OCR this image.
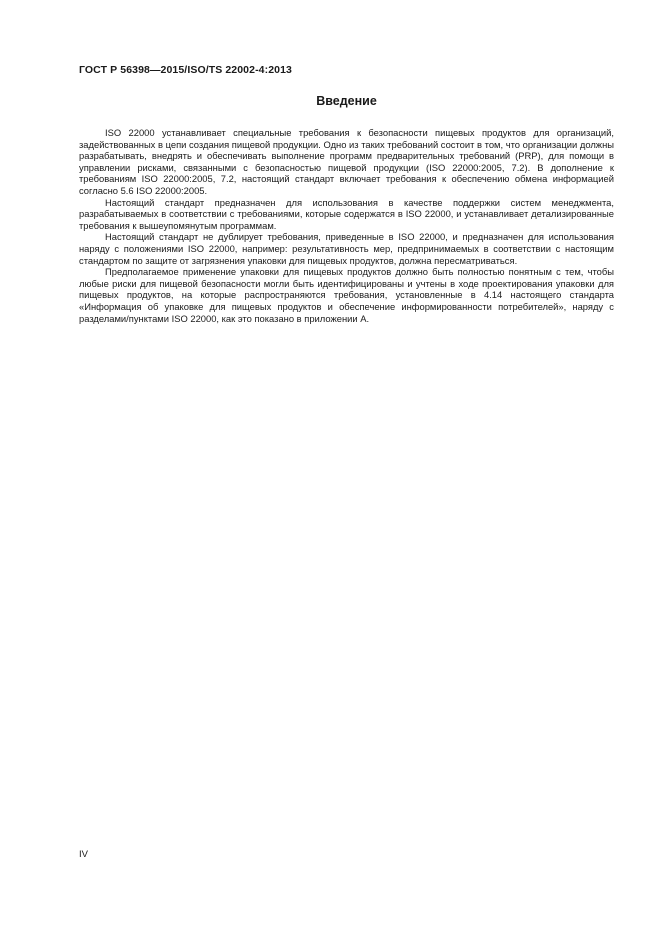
ГОСТ Р 56398—2015/ISO/TS 22002-4:2013
Введение

ISO 22000 устанавливает специальные требования к безопасности пищевых продуктов для организаций, задействованных в цепи создания пищевой продукции. Одно из таких требований состоит в том, что организации должны разрабатывать, внедрять и обеспечивать выполнение программ предварительных требований (PRP), для помощи в управлении рисками, связанными с безопасностью пищевой продукции (ISO 22000:2005, 7.2). В дополнение к требованиям ISO 22000:2005, 7.2, настоящий стандарт включает требования к обеспечению обмена информацией согласно 5.6 ISO 22000:2005.

Настоящий стандарт предназначен для использования в качестве поддержки систем менеджмента, разрабатываемых в соответствии с требованиями, которые содержатся в ISO 22000, и устанавливает детализированные требования к вышеупомянутым программам.

Настоящий стандарт не дублирует требования, приведенные в ISO 22000, и предназначен для использования наряду с положениями ISO 22000, например: результативность мер, предпринимаемых в соответствии с настоящим стандартом по защите от загрязнения упаковки для пищевых продуктов, должна пересматриваться.

Предполагаемое применение упаковки для пищевых продуктов должно быть полностью понятным с тем, чтобы любые риски для пищевой безопасности могли быть идентифицированы и учтены в ходе проектирования упаковки для пищевых продуктов, на которые распространяются требования, установленные в 4.14 настоящего стандарта «Информация об упаковке для пищевых продуктов и обеспечение информированности потребителей», наряду с разделами/пунктами ISO 22000, как это показано в приложении А.

IV
